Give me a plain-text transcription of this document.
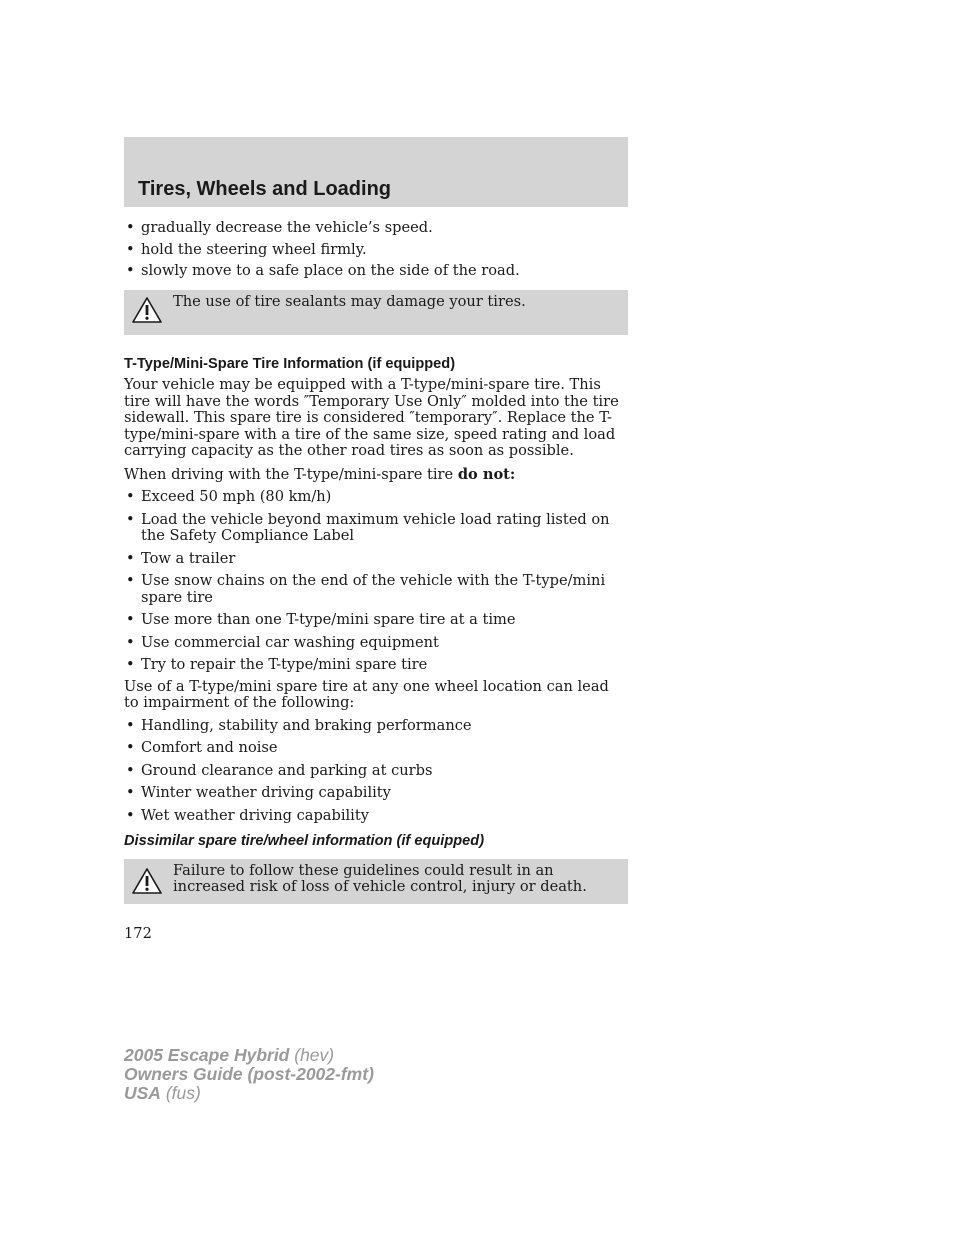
Tires, Wheels and Loading
• gradually decrease the vehicle’s speed.
• hold the steering wheel firmly.
• slowly move to a safe place on the side of the road.
The use of tire sealants may damage your tires.
T-Type/Mini-Spare Tire Information (if equipped)

Your vehicle may be equipped with a T-type/mini-spare tire. This tire will have the words ″Temporary Use Only″ molded into the tire sidewall. This spare tire is considered ″temporary″. Replace the T-type/mini-spare with a tire of the same size, speed rating and load carrying capacity as the other road tires as soon as possible.

When driving with the T-type/mini-spare tire do not:

• Exceed 50 mph (80 km/h)
• Load the vehicle beyond maximum vehicle load rating listed on the Safety Compliance Label
• Tow a trailer
• Use snow chains on the end of the vehicle with the T-type/mini spare tire
• Use more than one T-type/mini spare tire at a time
• Use commercial car washing equipment
• Try to repair the T-type/mini spare tire

Use of a T-type/mini spare tire at any one wheel location can lead to impairment of the following:

• Handling, stability and braking performance
• Comfort and noise
• Ground clearance and parking at curbs
• Winter weather driving capability
• Wet weather driving capability
Dissimilar spare tire/wheel information (if equipped)
Failure to follow these guidelines could result in an increased risk of loss of vehicle control, injury or death.
172
2005 Escape Hybrid (hev)
Owners Guide (post-2002-fmt)
USA (fus)
